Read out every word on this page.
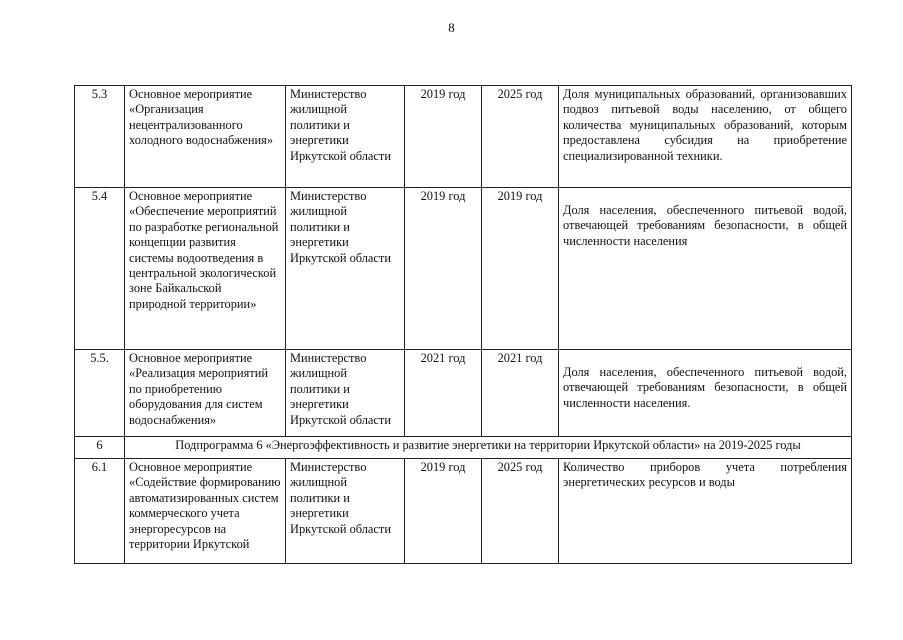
8
5.3	Основное мероприятие «Организация нецентрализованного холодного водоснабжения»	Министерство жилищной политики и энергетики Иркутской области	2019 год	2025 год	Доля муниципальных образований, организовавших подвоз питьевой воды населению, от общего количества муниципальных образований, которым предоставлена субсидия на приобретение специализированной техники.

5.4	Основное мероприятие «Обеспечение мероприятий по разработке региональной концепции развития системы водоотведения в центральной экологической зоне Байкальской природной территории»	Министерство жилищной политики и энергетики Иркутской области	2019 год	2019 год	Доля населения, обеспеченного питьевой водой, отвечающей требованиям безопасности, в общей численности населения

5.5.	Основное мероприятие «Реализация мероприятий по приобретению оборудования для систем водоснабжения»	Министерство жилищной политики и энергетики Иркутской области	2021 год	2021 год	Доля населения, обеспеченного питьевой водой, отвечающей требованиям безопасности, в общей численности населения.

6	Подпрограмма 6 «Энергоэффективность и развитие энергетики на территории Иркутской области» на 2019-2025 годы				
6.1	Основное мероприятие «Содействие формированию автоматизированных систем коммерческого учета энергоресурсов на территории Иркутской	Министерство жилищной политики и энергетики Иркутской области	2019 год	2025 год	Количество приборов учета потребления энергетических ресурсов и воды
